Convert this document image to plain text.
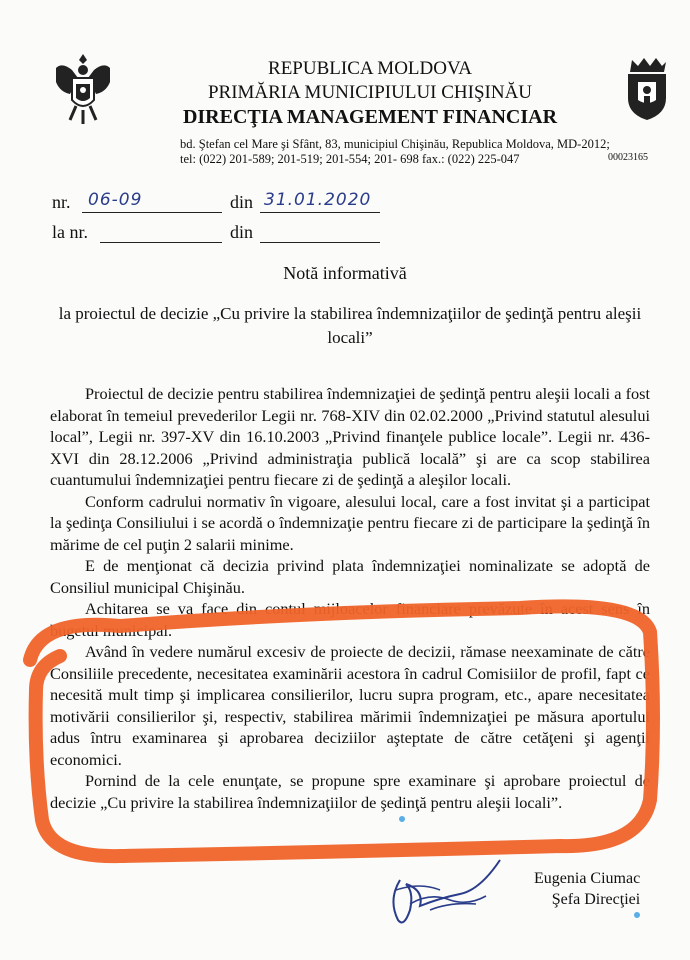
REPUBLICA MOLDOVA
PRIMĂRIA MUNICIPIULUI CHIŞINĂU
DIRECŢIA MANAGEMENT FINANCIAR
bd. Ştefan cel Mare şi Sfânt, 83, municipiul Chişinău, Republica Moldova, MD-2012;
tel: (022) 201-589; 201-519; 201-554; 201- 698 fax.: (022) 225-047	00023165
nr. 06-09	din 31.01.2020
la nr.	din
Notă informativă
la proiectul de decizie „Cu privire la stabilirea îndemnizaţiilor de şedinţă pentru aleşii locali”

Proiectul de decizie pentru stabilirea îndemnizaţiei de şedinţă pentru aleşii locali a fost elaborat în temeiul prevederilor Legii nr. 768-XIV din 02.02.2000 „Privind statutul alesului local”, Legii nr. 397-XV din 16.10.2003 „Privind finanţele publice locale”. Legii nr. 436-XVI din 28.12.2006 „Privind administraţia publică locală” şi are ca scop stabilirea cuantumului îndemnizaţiei pentru fiecare zi de şedinţă a aleşilor locali.

Conform cadrului normativ în vigoare, alesului local, care a fost invitat şi a participat la şedinţa Consiliului i se acordă o îndemnizaţie pentru fiecare zi de participare la şedinţă în mărime de cel puţin 2 salarii minime.

E de menţionat că decizia privind plata îndemnizaţiei nominalizate se adoptă de Consiliul municipal Chişinău.

Achitarea se va face din contul mijloacelor financiare prevăzute în acest sens în bugetul municipal.

Având în vedere numărul excesiv de proiecte de decizii, rămase neexaminate de către Consiliile precedente, necesitatea examinării acestora în cadrul Comisiilor de profil, fapt ce necesită mult timp şi implicarea consilierilor, lucru supra program, etc., apare necesitatea motivării consilierilor şi, respectiv, stabilirea mărimii îndemnizaţiei pe măsura aportului adus întru examinarea şi aprobarea deciziilor aşteptate de către cetăţeni şi agenţii economici.

Pornind de la cele enunţate, se propune spre examinare şi aprobare proiectul de decizie „Cu privire la stabilirea îndemnizaţiilor de şedinţă pentru aleşii locali”.

Eugenia Ciumac
Şefa Direcţiei
